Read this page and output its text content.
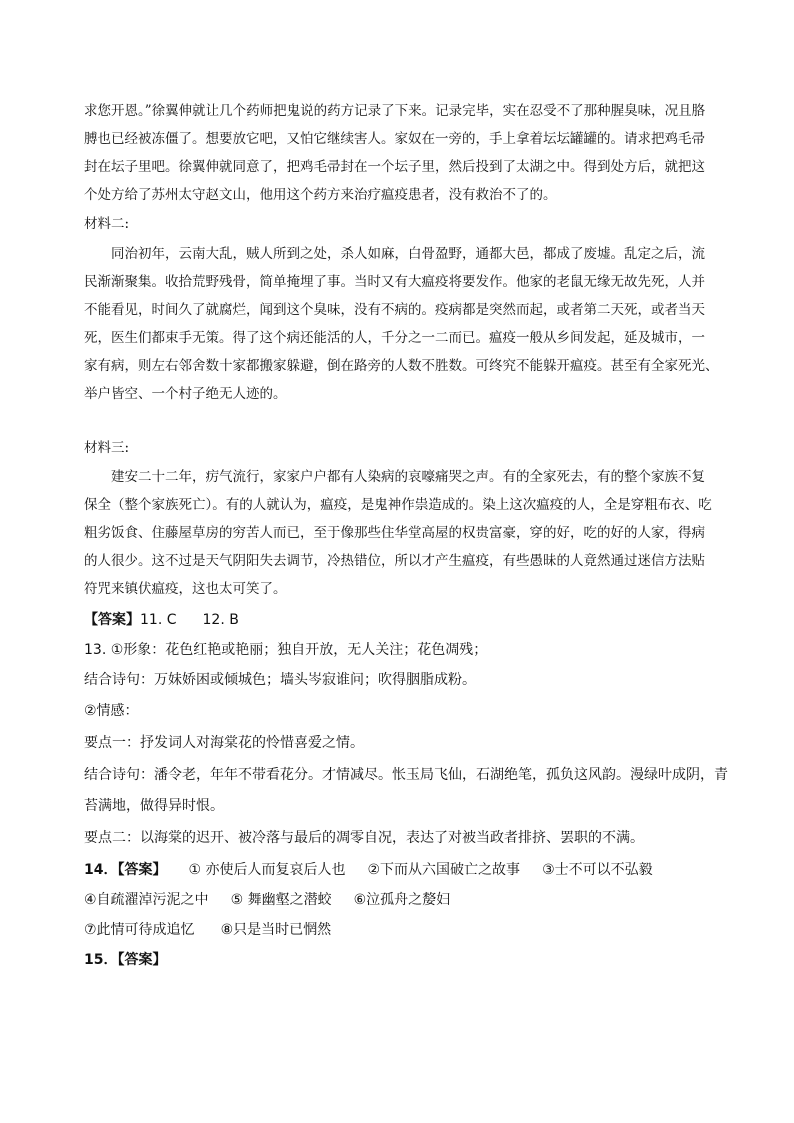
求您开恩。”徐翼伸就让几个药师把鬼说的药方记录了下来。记录完毕，实在忍受不了那种腥臭味，况且胳
膊也已经被冻僵了。想要放它吧，又怕它继续害人。家奴在一旁的，手上拿着坛坛罐罐的。请求把鸡毛帚
封在坛子里吧。徐翼伸就同意了，把鸡毛帚封在一个坛子里，然后投到了太湖之中。得到处方后，就把这
个处方给了苏州太守赵文山，他用这个药方来治疗瘟疫患者，没有救治不了的。
材料二:
同治初年，云南大乱，贼人所到之处，杀人如麻，白骨盈野，通都大邑，都成了废墟。乱定之后，流
民渐渐聚集。收拾荒野残骨，简单掩埋了事。当时又有大瘟疫将要发作。他家的老鼠无缘无故先死，人并
不能看见，时间久了就腐烂，闻到这个臭味，没有不病的。疫病都是突然而起，或者第二天死，或者当天
死，医生们都束手无策。得了这个病还能活的人，千分之一二而已。瘟疫一般从乡间发起，延及城市，一
家有病，则左右邻舍数十家都搬家躲避，倒在路旁的人数不胜数。可终究不能躲开瘟疫。甚至有全家死光、
举户皆空、一个村子绝无人迹的。
材料三:
建安二十二年，疠气流行，家家户户都有人染病的哀嚎痛哭之声。有的全家死去，有的整个家族不复
保全（整个家族死亡）。有的人就认为，瘟疫，是鬼神作祟造成的。染上这次瘟疫的人，全是穿粗布衣、吃
粗劣饭食、住藤屋草房的穷苦人而已，至于像那些住华堂高屋的权贵富豪，穿的好，吃的好的人家，得病
的人很少。这不过是天气阴阳失去调节，冷热错位，所以才产生瘟疫，有些愚昧的人竟然通过迷信方法贴
符咒来镇伏瘟疫，这也太可笑了。
【答案】11. C 12. B
13. ①形象：花色红艳或艳丽；独自开放，无人关注；花色凋残；
结合诗句：万妹娇困或倾城色；墙头岑寂谁问；吹得胭脂成粉。
②情感：
要点一：抒发词人对海棠花的怜惜喜爱之情。
结合诗句：潘令老，年年不带看花分。才情减尽。怅玉局飞仙，石湖绝笔，孤负这风韵。漫绿叶成阴，青
苔满地，做得异时恨。
要点二：以海棠的迟开、被冷落与最后的凋零自况，表达了对被当政者排挤、罢职的不满。
14．【答案】 ① 亦使后人而复哀后人也 ②下而从六国破亡之故事 ③士不可以不弘毅
④自疏濯淖污泥之中 ⑤ 舞幽壑之潜蛟 ⑥泣孤舟之嫠妇
⑦此情可待成追忆 ⑧只是当时已惘然
15．【答案】
